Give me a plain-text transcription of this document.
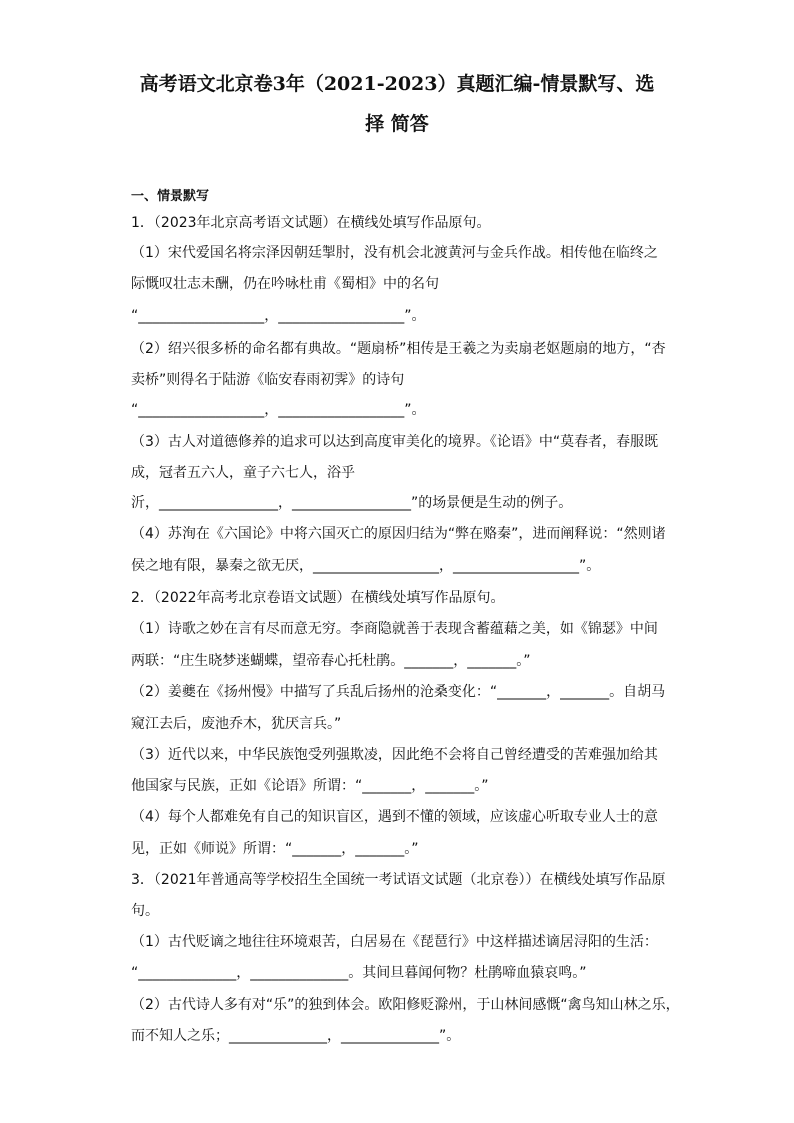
高考语文北京卷3年（2021-2023）真题汇编-情景默写、选
择 简答
一、情景默写
1．（2023年北京高考语文试题）在横线处填写作品原句。
（1）宋代爱国名将宗泽因朝廷掣肘，没有机会北渡黄河与金兵作战。相传他在临终之
际慨叹壮志未酬，仍在吟咏杜甫《蜀相》中的名句
“__________________，__________________”。
（2）绍兴很多桥的命名都有典故。“题扇桥”相传是王羲之为卖扇老妪题扇的地方，“杏
卖桥”则得名于陆游《临安春雨初霁》的诗句
“__________________，__________________”。
（3）古人对道德修养的追求可以达到高度审美化的境界。《论语》中“莫春者，春服既
成，冠者五六人，童子六七人，浴乎
沂，_________________，_________________”的场景便是生动的例子。
（4）苏洵在《六国论》中将六国灭亡的原因归结为“弊在赂秦”，进而阐释说：“然则诸
侯之地有限，暴秦之欲无厌，__________________，__________________”。
2．（2022年高考北京卷语文试题）在横线处填写作品原句。
（1）诗歌之妙在言有尽而意无穷。李商隐就善于表现含蓄蕴藉之美，如《锦瑟》中间
两联：“庄生晓梦迷蝴蝶，望帝春心托杜鹃。_______，_______。”
（2）姜夔在《扬州慢》中描写了兵乱后扬州的沧桑变化：“_______，_______。自胡马
窥江去后，废池乔木，犹厌言兵。”
（3）近代以来，中华民族饱受列强欺凌，因此绝不会将自己曾经遭受的苦难强加给其
他国家与民族，正如《论语》所谓：“_______，_______。”
（4）每个人都难免有自己的知识盲区，遇到不懂的领域，应该虚心听取专业人士的意
见，正如《师说》所谓：“_______，_______。”
3．（2021年普通高等学校招生全国统一考试语文试题（北京卷））在横线处填写作品原
句。
（1）古代贬谪之地往往环境艰苦，白居易在《琵琶行》中这样描述谪居浔阳的生活：
“______________，______________。其间旦暮闻何物？杜鹃啼血猿哀鸣。”
（2）古代诗人多有对“乐”的独到体会。欧阳修贬滁州，于山林间感慨“禽鸟知山林之乐，
而不知人之乐；______________，______________”。
